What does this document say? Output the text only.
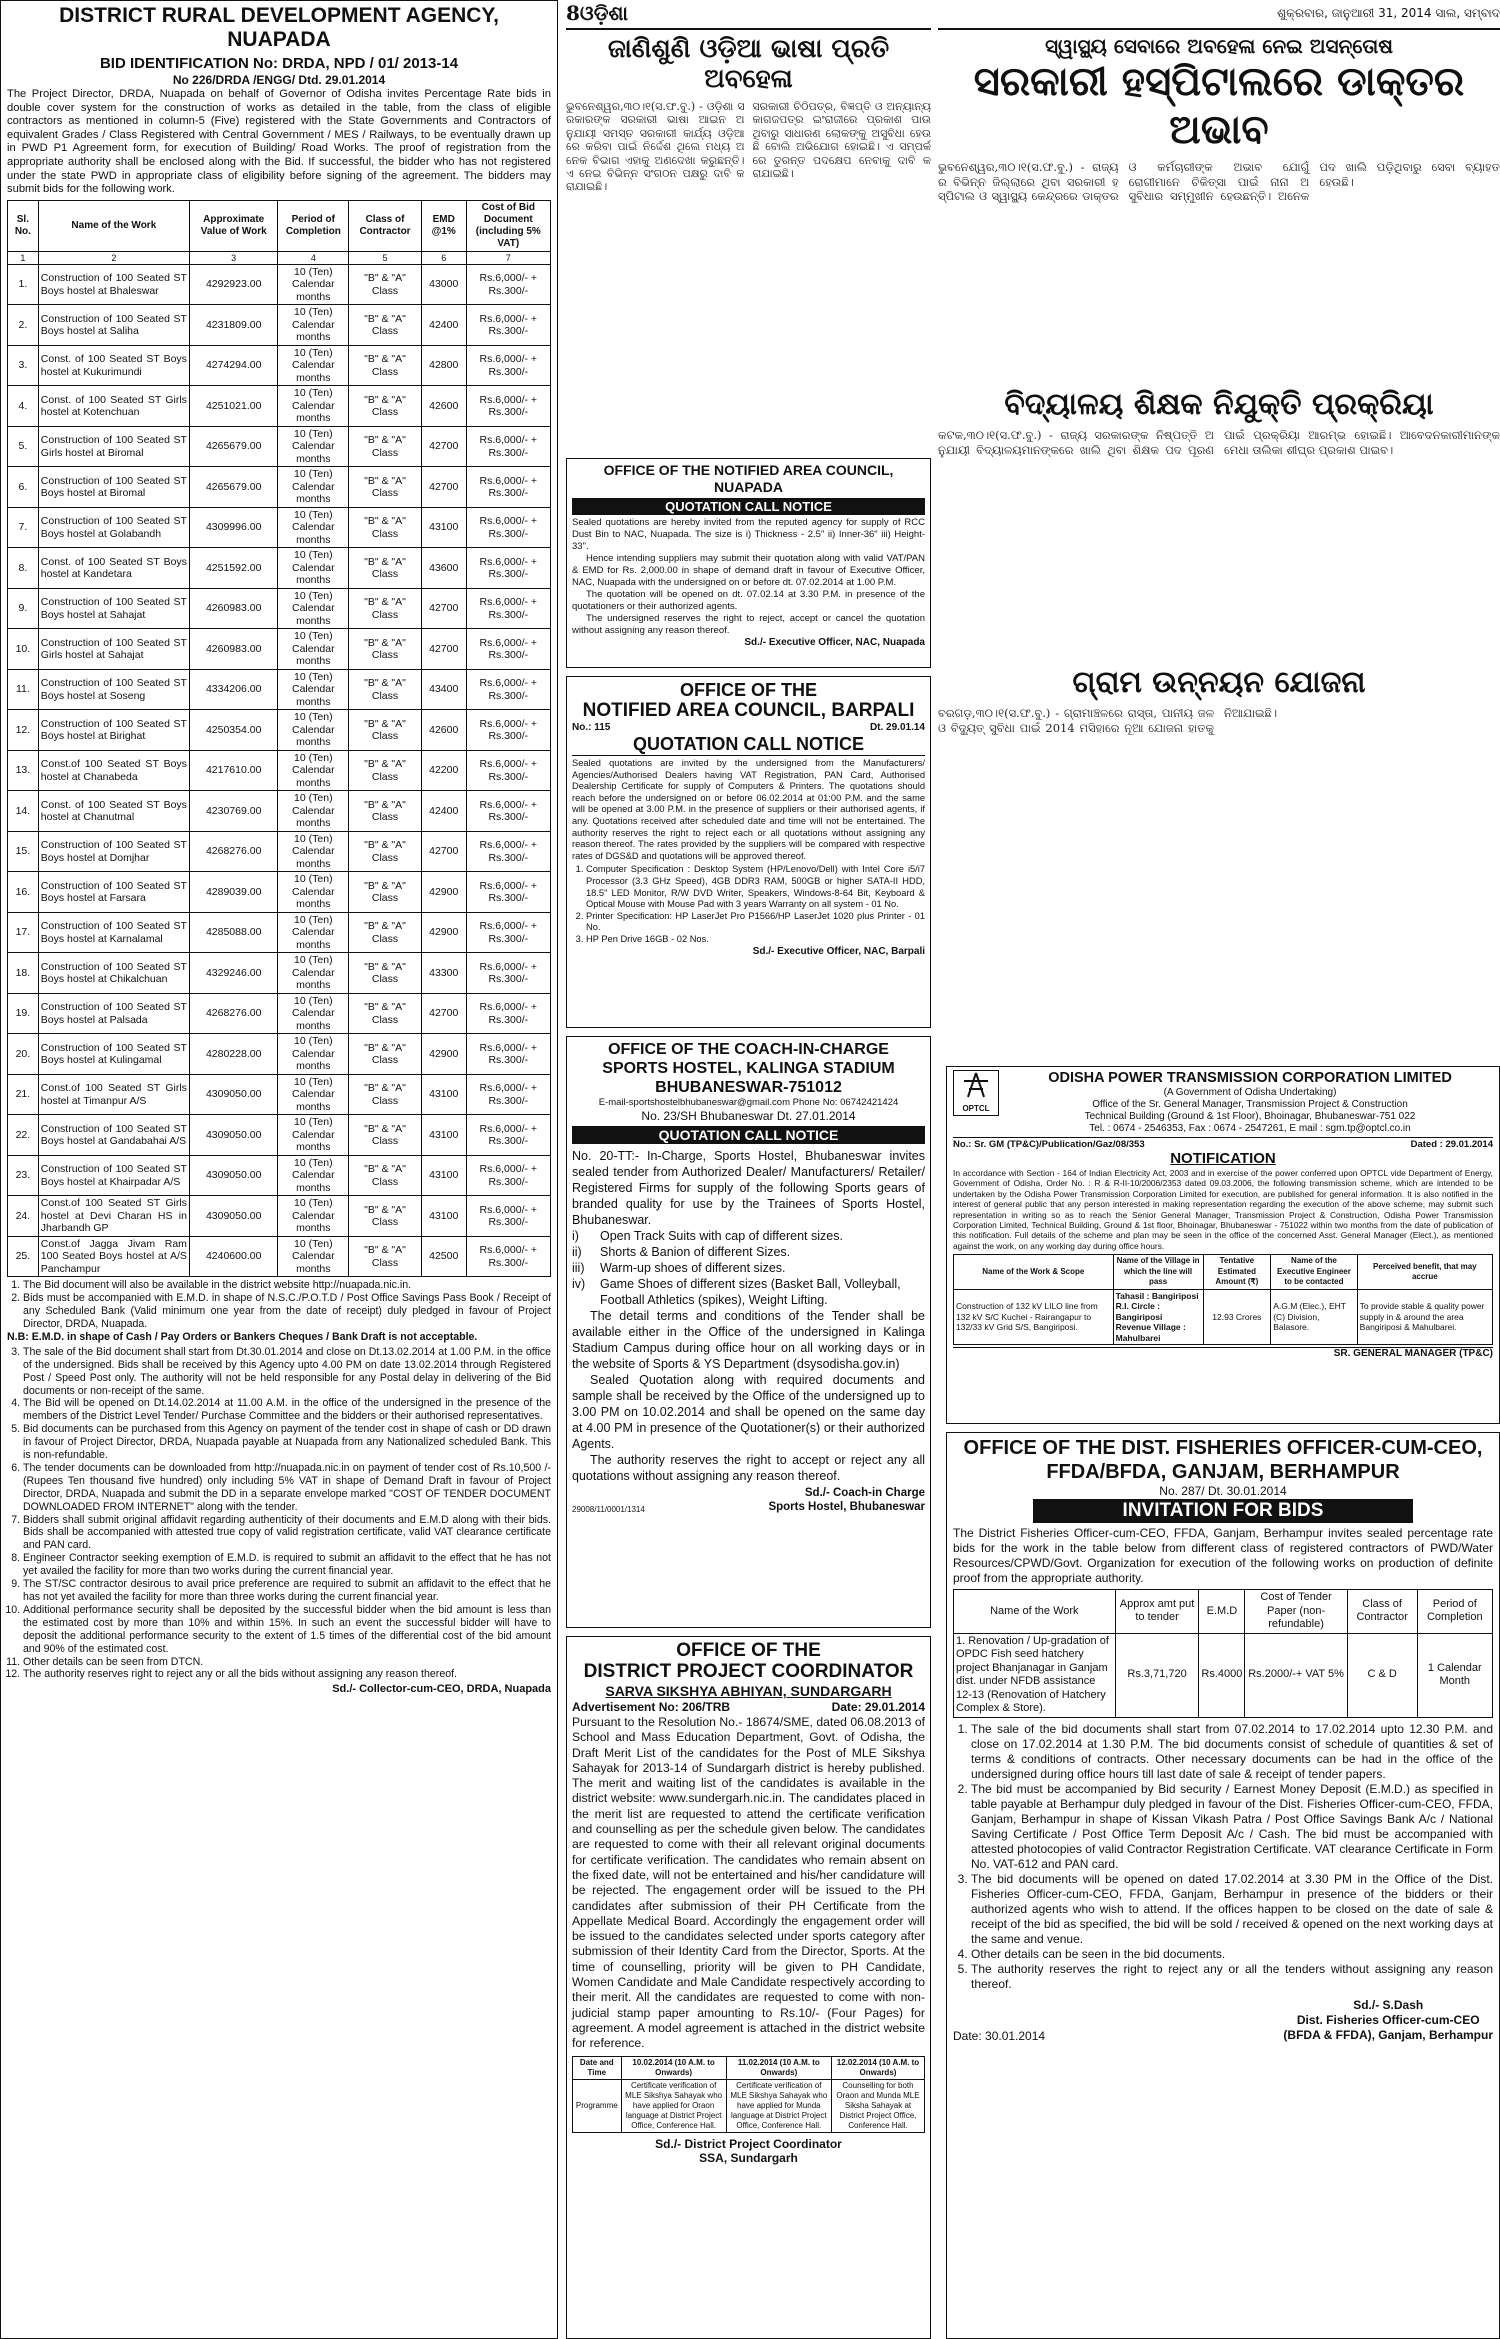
DISTRICT RURAL DEVELOPMENT AGENCY, NUAPADA
BID IDENTIFICATION No: DRDA, NPD / 01/ 2013-14
No 226/DRDA /ENGG/ Dtd. 29.01.2014
The Project Director, DRDA, Nuapada on behalf of Governor of Odisha invites Percentage Rate bids in double cover system for the construction of works as detailed in the table, from the class of eligible contractors as mentioned in column-5 (Five) registered with the State Governments and Contractors of equivalent Grades / Class Registered with Central Government / MES / Railways, to be eventually drawn up in PWD P1 Agreement form, for execution of Building/ Road Works. The proof of registration from the appropriate authority shall be enclosed along with the Bid. If successful, the bidder who has not registered under the state PWD in appropriate class of eligibility before signing of the agreement. The bidders may submit bids for the following work.
Sl. No.	Name of the Work	Approximate Value of Work	Period of Completion	Class of Contractor	EMD @1%	Cost of Bid Document (including 5% VAT)
1	2	3	4	5	6	7
1.	Construction of 100 Seated ST Boys hostel at Bhaleswar	4292923.00	10 (Ten) Calendar months	"B" & "A" Class	43000	Rs.6,000/- + Rs.300/-
2.	Construction of 100 Seated ST Boys hostel at Saliha	4231809.00	10 (Ten) Calendar months	"B" & "A" Class	42400	Rs.6,000/- + Rs.300/-
3.	Const. of 100 Seated ST Boys hostel at Kukurimundi	4274294.00	10 (Ten) Calendar months	"B" & "A" Class	42800	Rs.6,000/- + Rs.300/-
4.	Const. of 100 Seated ST Girls hostel at Kotenchuan	4251021.00	10 (Ten) Calendar months	"B" & "A" Class	42600	Rs.6,000/- + Rs.300/-
5.	Construction of 100 Seated ST Girls hostel at Biromal	4265679.00	10 (Ten) Calendar months	"B" & "A" Class	42700	Rs.6,000/- + Rs.300/-
6.	Construction of 100 Seated ST Boys hostel at Biromal	4265679.00	10 (Ten) Calendar months	"B" & "A" Class	42700	Rs.6,000/- + Rs.300/-
7.	Construction of 100 Seated ST Boys hostel at Golabandh	4309996.00	10 (Ten) Calendar months	"B" & "A" Class	43100	Rs.6,000/- + Rs.300/-
8.	Const. of 100 Seated ST Boys hostel at Kandetara	4251592.00	10 (Ten) Calendar months	"B" & "A" Class	43600	Rs.6,000/- + Rs.300/-
9.	Construction of 100 Seated ST Boys hostel at Sahajat	4260983.00	10 (Ten) Calendar months	"B" & "A" Class	42700	Rs.6,000/- + Rs.300/-
10.	Construction of 100 Seated ST Girls hostel at Sahajat	4260983.00	10 (Ten) Calendar months	"B" & "A" Class	42700	Rs.6,000/- + Rs.300/-
11.	Construction of 100 Seated ST Boys hostel at Soseng	4334206.00	10 (Ten) Calendar months	"B" & "A" Class	43400	Rs.6,000/- + Rs.300/-
12.	Construction of 100 Seated ST Boys hostel at Birighat	4250354.00	10 (Ten) Calendar months	"B" & "A" Class	42600	Rs.6,000/- + Rs.300/-
13.	Const.of 100 Seated ST Boys hostel at Chanabeda	4217610.00	10 (Ten) Calendar months	"B" & "A" Class	42200	Rs.6,000/- + Rs.300/-
14.	Const. of 100 Seated ST Boys hostel at Chanutmal	4230769.00	10 (Ten) Calendar months	"B" & "A" Class	42400	Rs.6,000/- + Rs.300/-
15.	Construction of 100 Seated ST Boys hostel at Domjhar	4268276.00	10 (Ten) Calendar months	"B" & "A" Class	42700	Rs.6,000/- + Rs.300/-
16.	Construction of 100 Seated ST Boys hostel at Farsara	4289039.00	10 (Ten) Calendar months	"B" & "A" Class	42900	Rs.6,000/- + Rs.300/-
17.	Construction of 100 Seated ST Boys hostel at Karnalamal	4285088.00	10 (Ten) Calendar months	"B" & "A" Class	42900	Rs.6,000/- + Rs.300/-
18.	Construction of 100 Seated ST Boys hostel at Chikalchuan	4329246.00	10 (Ten) Calendar months	"B" & "A" Class	43300	Rs.6,000/- + Rs.300/-
19.	Construction of 100 Seated ST Boys hostel at Palsada	4268276.00	10 (Ten) Calendar months	"B" & "A" Class	42700	Rs.6,000/- + Rs.300/-
20.	Construction of 100 Seated ST Boys hostel at Kulingamal	4280228.00	10 (Ten) Calendar months	"B" & "A" Class	42900	Rs.6,000/- + Rs.300/-
21.	Const.of 100 Seated ST Girls hostel at Timanpur A/S	4309050.00	10 (Ten) Calendar months	"B" & "A" Class	43100	Rs.6,000/- + Rs.300/-
22.	Construction of 100 Seated ST Boys hostel at Gandabahai A/S	4309050.00	10 (Ten) Calendar months	"B" & "A" Class	43100	Rs.6,000/- + Rs.300/-
23.	Construction of 100 Seated ST Boys hostel at Khairpadar A/S	4309050.00	10 (Ten) Calendar months	"B" & "A" Class	43100	Rs.6,000/- + Rs.300/-
24.	Const.of 100 Seated ST Girls hostel at Devi Charan HS in Jharbandh GP	4309050.00	10 (Ten) Calendar months	"B" & "A" Class	43100	Rs.6,000/- + Rs.300/-
25.	Const.of Jagga Jivam Ram 100 Seated Boys hostel at A/S Panchampur	4240600.00	10 (Ten) Calendar months	"B" & "A" Class	42500	Rs.6,000/- + Rs.300/-
1. The Bid document will also be available in the district website http://nuapada.nic.in.
2. Bids must be accompanied with E.M.D. in shape of N.S.C./P.O.T.D / Post Office Savings Pass Book / Receipt of any Scheduled Bank (Valid minimum one year from the date of receipt) duly pledged in favour of Project Director, DRDA, Nuapada.
N.B: E.M.D. in shape of Cash / Pay Orders or Bankers Cheques / Bank Draft is not acceptable.
3. The sale of the Bid document shall start from Dt.30.01.2014 and close on Dt.13.02.2014 at 1.00 P.M. in the office of the undersigned. Bids shall be received by this Agency upto 4.00 PM on date 13.02.2014 through Registered Post / Speed Post only. The authority will not be held responsible for any Postal delay in delivering of the Bid documents or non-receipt of the same.
4. The Bid will be opened on Dt.14.02.2014 at 11.00 A.M. in the office of the undersigned in the presence of the members of the District Level Tender/ Purchase Committee and the bidders or their authorised representatives.
5. Bid documents can be purchased from this Agency on payment of the tender cost in shape of cash or DD drawn in favour of Project Director, DRDA, Nuapada payable at Nuapada from any Nationalized scheduled Bank. This is non-refundable.
6. The tender documents can be downloaded from http://nuapada.nic.in on payment of tender cost of Rs.10,500 /- (Rupees Ten thousand five hundred) only including 5% VAT in shape of Demand Draft in favour of Project Director, DRDA, Nuapada and submit the DD in a separate envelope marked "COST OF TENDER DOCUMENT DOWNLOADED FROM INTERNET" along with the tender.
7. Bidders shall submit original affidavit regarding authenticity of their documents and E.M.D along with their bids. Bids shall be accompanied with attested true copy of valid registration certificate, valid VAT clearance certificate and PAN card.
8. Engineer Contractor seeking exemption of E.M.D. is required to submit an affidavit to the effect that he has not yet availed the facility for more than two works during the current financial year.
9. The ST/SC contractor desirous to avail price preference are required to submit an affidavit to the effect that he has not yet availed the facility for more than three works during the current financial year.
10. Additional performance security shall be deposited by the successful bidder when the bid amount is less than the estimated cost by more than 10% and within 15%. In such an event the successful bidder will have to deposit the additional performance security to the extent of 1.5 times of the differential cost of the bid amount and 90% of the estimated cost.
11. Other details can be seen from DTCN.
12. The authority reserves right to reject any or all the bids without assigning any reason thereof.
Sd./- Collector-cum-CEO, DRDA, Nuapada
8ଓଡ଼ିଶା
ଜାଣିଶୁଣି ଓଡ଼ିଆ ଭାଷା ପ୍ରତି ଅବହେଳା
ଭୁବନେଶ୍ୱର,୩୦।୧(ସ.ଫ.ବୁ.) - ଓଡ଼ିଶା ସରକାରଙ୍କ ସରକାରୀ ଭାଷା ଆଇନ ଅନୁଯାୟୀ ସମସ୍ତ ସରକାରୀ କାର୍ଯ୍ୟ ଓଡ଼ିଆରେ କରିବା ପାଇଁ ନିର୍ଦ୍ଦେଶ ଥିଲେ ମଧ୍ୟ ଅନେକ ବିଭାଗ ଏହାକୁ ଅଣଦେଖା କରୁଛନ୍ତି। ଏ ନେଇ ବିଭିନ୍ନ ସଂଗଠନ ପକ୍ଷରୁ ଦାବି କରାଯାଇଛି।
ସରକାରୀ ଚିଠିପତ୍ର, ବିଜ୍ଞପ୍ତି ଓ ଅନ୍ୟାନ୍ୟ କାଗଜପତ୍ର ଇଂରାଜୀରେ ପ୍ରକାଶ ପାଉଥିବାରୁ ସାଧାରଣ ଲୋକଙ୍କୁ ଅସୁବିଧା ହେଉଛି ବୋଲି ଅଭିଯୋଗ ହୋଇଛି। ଏ ସମ୍ପର୍କରେ ତୁରନ୍ତ ପଦକ୍ଷେପ ନେବାକୁ ଦାବି କରାଯାଇଛି।
OFFICE OF THE NOTIFIED AREA COUNCIL, NUAPADA
QUOTATION CALL NOTICE
Sealed quotations are hereby invited from the reputed agency for supply of RCC Dust Bin to NAC, Nuapada. The size is i) Thickness - 2.5" ii) Inner-36" iii) Height-33".
Hence intending suppliers may submit their quotation along with valid VAT/PAN & EMD for Rs. 2,000.00 in shape of demand draft in favour of Executive Officer, NAC, Nuapada with the undersigned on or before dt. 07.02.2014 at 1.00 P.M.
The quotation will be opened on dt. 07.02.14 at 3.30 P.M. in presence of the quotationers or their authorized agents.
The undersigned reserves the right to reject, accept or cancel the quotation without assigning any reason thereof.
Sd./- Executive Officer, NAC, Nuapada
OFFICE OF THE
NOTIFIED AREA COUNCIL, BARPALI
No.: 115	Dt. 29.01.14
QUOTATION CALL NOTICE
Sealed quotations are invited by the undersigned from the Manufacturers/ Agencies/Authorised Dealers having VAT Registration, PAN Card, Authorised Dealership Certificate for supply of Computers & Printers. The quotations should reach before the undersigned on or before 06.02.2014 at 01:00 P.M. and the same will be opened at 3.00 P.M. in the presence of suppliers or their authorised agents, if any. Quotations received after scheduled date and time will not be entertained. The authority reserves the right to reject each or all quotations without assigning any reason thereof. The rates provided by the suppliers will be compared with respective rates of DGS&D and quotations will be approved thereof.
1. Computer Specification : Desktop System (HP/Lenovo/Dell) with Intel Core i5/i7 Processor (3.3 GHz Speed), 4GB DDR3 RAM, 500GB or higher SATA-II HDD, 18.5" LED Monitor, R/W DVD Writer, Speakers, Windows-8-64 Bit, Keyboard & Optical Mouse with Mouse Pad with 3 years Warranty on all system - 01 No.
2. Printer Specification: HP LaserJet Pro P1566/HP LaserJet 1020 plus Printer - 01 No.
3. HP Pen Drive 16GB - 02 Nos.
Sd./- Executive Officer, NAC, Barpali
OFFICE OF THE COACH-IN-CHARGE
SPORTS HOSTEL, KALINGA STADIUM
BHUBANESWAR-751012
E-mail-sportshostelbhubaneswar@gmail.com Phone No: 06742421424
No. 23/SH Bhubaneswar Dt. 27.01.2014
QUOTATION CALL NOTICE
No. 20-TT:- In-Charge, Sports Hostel, Bhubaneswar invites sealed tender from Authorized Dealer/ Manufacturers/ Retailer/ Registered Firms for supply of the following Sports gears of branded quality for use by the Trainees of Sports Hostel, Bhubaneswar.
i)	Open Track Suits with cap of different sizes.
ii)	Shorts & Banion of different Sizes.
iii)	Warm-up shoes of different sizes.
iv)	Game Shoes of different sizes (Basket Ball, Volleyball, Football Athletics (spikes), Weight Lifting.
The detail terms and conditions of the Tender shall be available either in the Office of the undersigned in Kalinga Stadium Campus during office hour on all working days or in the website of Sports & YS Department (dsysodisha.gov.in)
Sealed Quotation along with required documents and sample shall be received by the Office of the undersigned up to 3.00 PM on 10.02.2014 and shall be opened on the same day at 4.00 PM in presence of the Quotationer(s) or their authorized Agents.
The authority reserves the right to accept or reject any all quotations without assigning any reason thereof.
29008/11/0001/1314
Sd./- Coach-in Charge
Sports Hostel, Bhubaneswar
OFFICE OF THE
DISTRICT PROJECT COORDINATOR
SARVA SIKSHYA ABHIYAN, SUNDARGARH
Advertisement No: 206/TRB	Date: 29.01.2014
Pursuant to the Resolution No.- 18674/SME, dated 06.08.2013 of School and Mass Education Department, Govt. of Odisha, the Draft Merit List of the candidates for the Post of MLE Sikshya Sahayak for 2013-14 of Sundargarh district is hereby published. The merit and waiting list of the candidates is available in the district website: www.sundergarh.nic.in. The candidates placed in the merit list are requested to attend the certificate verification and counselling as per the schedule given below. The candidates are requested to come with their all relevant original documents for certificate verification. The candidates who remain absent on the fixed date, will not be entertained and his/her candidature will be rejected. The engagement order will be issued to the PH candidates after submission of their PH Certificate from the Appellate Medical Board. Accordingly the engagement order will be issued to the candidates selected under sports category after submission of their Identity Card from the Director, Sports. At the time of counselling, priority will be given to PH Candidate, Women Candidate and Male Candidate respectively according to their merit. All the candidates are requested to come with non-judicial stamp paper amounting to Rs.10/- (Four Pages) for agreement. A model agreement is attached in the district website for reference.
Date and Time	10.02.2014 (10 A.M. to Onwards)	11.02.2014 (10 A.M. to Onwards)	12.02.2014 (10 A.M. to Onwards)
Programme	Certificate verification of MLE Sikshya Sahayak who have applied for Oraon language at District Project Office, Conference Hall.	Certificate verification of MLE Sikshya Sahayak who have applied for Munda language at District Project Office, Conference Hall.	Counselling for both Oraon and Munda MLE Siksha Sahayak at District Project Office, Conference Hall.
Sd./- District Project Coordinator
SSA, Sundargarh
ଶୁକ୍ରବାର, ଜାନୁଆରୀ 31, 2014 ସାଲ, ସମ୍ବାଦ
ସ୍ୱାସ୍ଥ୍ୟ ସେବାରେ ଅବହେଳା ନେଇ ଅସନ୍ତୋଷ
ସରକାରୀ ହସ୍ପିଟାଲରେ ଡାକ୍ତର ଅଭାବ
ଭୁବନେଶ୍ୱର,୩୦।୧(ସ.ଫ.ବୁ.) - ରାଜ୍ୟର ବିଭିନ୍ନ ଜିଲ୍ଲାରେ ଥିବା ସରକାରୀ ହସ୍ପିଟାଲ ଓ ସ୍ୱାସ୍ଥ୍ୟ କେନ୍ଦ୍ରରେ ଡାକ୍ତର ଓ କର୍ମଚାରୀଙ୍କ ଅଭାବ ଯୋଗୁଁ ରୋଗୀମାନେ ଚିକିତ୍ସା ପାଇଁ ନାନା ଅସୁବିଧାର ସମ୍ମୁଖୀନ ହେଉଛନ୍ତି। ଅନେକ ପଦ ଖାଲି ପଡ଼ିଥିବାରୁ ସେବା ବ୍ୟାହତ ହେଉଛି।
ବିଦ୍ୟାଳୟ ଶିକ୍ଷକ ନିଯୁକ୍ତି ପ୍ରକ୍ରିୟା
କଟକ,୩୦।୧(ସ.ଫ.ବୁ.) - ରାଜ୍ୟ ସରକାରଙ୍କ ନିଷ୍ପତ୍ତି ଅନୁଯାୟୀ ବିଦ୍ୟାଳୟମାନଙ୍କରେ ଖାଲି ଥିବା ଶିକ୍ଷକ ପଦ ପୂରଣ ପାଇଁ ପ୍ରକ୍ରିୟା ଆରମ୍ଭ ହୋଇଛି। ଆବେଦନକାରୀମାନଙ୍କ ମେଧା ତାଲିକା ଶୀଘ୍ର ପ୍ରକାଶ ପାଇବ।
ଗ୍ରାମ ଉନ୍ନୟନ ଯୋଜନା
ବରଗଡ଼,୩୦।୧(ସ.ଫ.ବୁ.) - ଗ୍ରାମାଞ୍ଚଳରେ ରାସ୍ତା, ପାନୀୟ ଜଳ ଓ ବିଦ୍ୟୁତ୍ ସୁବିଧା ପାଇଁ 2014 ମସିହାରେ ନୂଆ ଯୋଜନା ହାତକୁ ନିଆଯାଇଛି।
OPTCL
ODISHA POWER TRANSMISSION CORPORATION LIMITED
(A Government of Odisha Undertaking)
Office of the Sr. General Manager, Transmission Project & Construction
Technical Building (Ground & 1st Floor), Bhoinagar, Bhubaneswar-751 022
Tel. : 0674 - 2546353, Fax : 0674 - 2547261, E mail : sgm.tp@optcl.co.in
No.: Sr. GM (TP&C)/Publication/Gaz/08/353	Dated : 29.01.2014
NOTIFICATION
In accordance with Section - 164 of Indian Electricity Act, 2003 and in exercise of the power conferred upon OPTCL vide Department of Energy, Government of Odisha, Order No. : R & R-II-10/2006/2353 dated 09.03.2006, the following transmission scheme, which are intended to be undertaken by the Odisha Power Transmission Corporation Limited for execution, are published for general information. It is also notified in the interest of general public that any person interested in making representation regarding the execution of the above scheme, may submit such representation in writing so as to reach the Senior General Manager, Transmission Project & Construction, Odisha Power Transmission Corporation Limited, Technical Building, Ground & 1st floor, Bhoinagar, Bhubaneswar - 751022 within two months from the date of publication of this notification. Full details of the scheme and plan may be seen in the office of the concerned Asst. General Manager (Elect.), as mentioned against the work, on any working day during office hours.
Name of the Work & Scope	Name of the Village in which the line will pass	Tentative Estimated Amount (₹)	Name of the Executive Engineer to be contacted	Perceived benefit, that may accrue
Construction of 132 kV LILO line from 132 kV S/C Kuchei - Rairangapur to 132/33 kV Grid S/S, Bangiriposi.	Tahasil : Bangiriposi
R.I. Circle : Bangiriposi
Revenue Village : Mahulbarei	12.93 Crores	A.G.M (Elec.), EHT (C) Division, Balasore.	To provide stable & quality power supply in & around the area Bangiriposi & Mahulbarei.
SR. GENERAL MANAGER (TP&C)
OFFICE OF THE DIST. FISHERIES OFFICER-CUM-CEO,
FFDA/BFDA, GANJAM, BERHAMPUR
No. 287/ Dt. 30.01.2014
INVITATION FOR BIDS
The District Fisheries Officer-cum-CEO, FFDA, Ganjam, Berhampur invites sealed percentage rate bids for the work in the table below from different class of registered contractors of PWD/Water Resources/CPWD/Govt. Organization for execution of the following works on production of definite proof from the appropriate authority.
Name of the Work	Approx amt put to tender	E.M.D	Cost of Tender Paper (non-refundable)	Class of Contractor	Period of Completion
1. Renovation / Up-gradation of OPDC Fish seed hatchery project Bhanjanagar in Ganjam dist. under NFDB assistance 12-13 (Renovation of Hatchery Complex & Store).	Rs.3,71,720	Rs.4000	Rs.2000/-+ VAT 5%	C & D	1 Calendar Month
1. The sale of the bid documents shall start from 07.02.2014 to 17.02.2014 upto 12.30 P.M. and close on 17.02.2014 at 1.30 P.M. The bid documents consist of schedule of quantities & set of terms & conditions of contracts. Other necessary documents can be had in the office of the undersigned during office hours till last date of sale & receipt of tender papers.
2. The bid must be accompanied by Bid security / Earnest Money Deposit (E.M.D.) as specified in table payable at Berhampur duly pledged in favour of the Dist. Fisheries Officer-cum-CEO, FFDA, Ganjam, Berhampur in shape of Kissan Vikash Patra / Post Office Savings Bank A/c / National Saving Certificate / Post Office Term Deposit A/c / Cash. The bid must be accompanied with attested photocopies of valid Contractor Registration Certificate. VAT clearance Certificate in Form No. VAT-612 and PAN card.
3. The bid documents will be opened on dated 17.02.2014 at 3.30 PM in the Office of the Dist. Fisheries Officer-cum-CEO, FFDA, Ganjam, Berhampur in presence of the bidders or their authorized agents who wish to attend. If the offices happen to be closed on the date of sale & receipt of the bid as specified, the bid will be sold / received & opened on the next working days at the same and venue.
4. Other details can be seen in the bid documents.
5. The authority reserves the right to reject any or all the tenders without assigning any reason thereof.
Date: 30.01.2014
Sd./- S.Dash
Dist. Fisheries Officer-cum-CEO
(BFDA & FFDA), Ganjam, Berhampur
